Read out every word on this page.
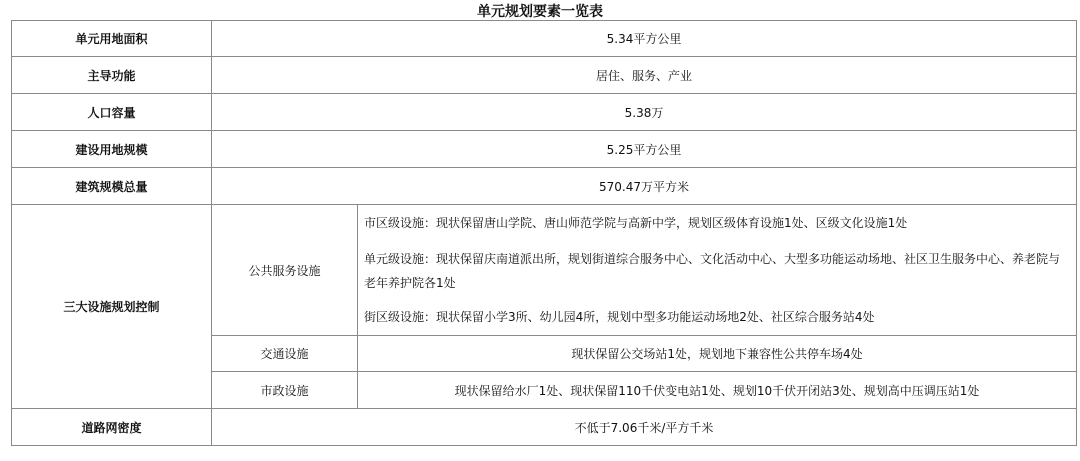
单元规划要素一览表
单元用地面积	5.34平方公里	
主导功能	居住、服务、产业	
人口容量	5.38万	
建设用地规模	5.25平方公里	
建筑规模总量	570.47万平方米	
三大设施规划控制	公共服务设施	市区级设施：现状保留唐山学院、唐山师范学院与高新中学，规划区级体育设施1处、区级文化设施1处
单元级设施：现状保留庆南道派出所，规划街道综合服务中心、文化活动中心、大型多功能运动场地、社区卫生服务中心、养老院与老年养护院各1处
街区级设施：现状保留小学3所、幼儿园4所，规划中型多功能运动场地2处、社区综合服务站4处

	交通设施	现状保留公交场站1处，规划地下兼容性公共停车场4处
	市政设施	现状保留给水厂1处、现状保留110千伏变电站1处、规划10千伏开闭站3处、规划高中压调压站1处
道路网密度	不低于7.06千米/平方千米	
